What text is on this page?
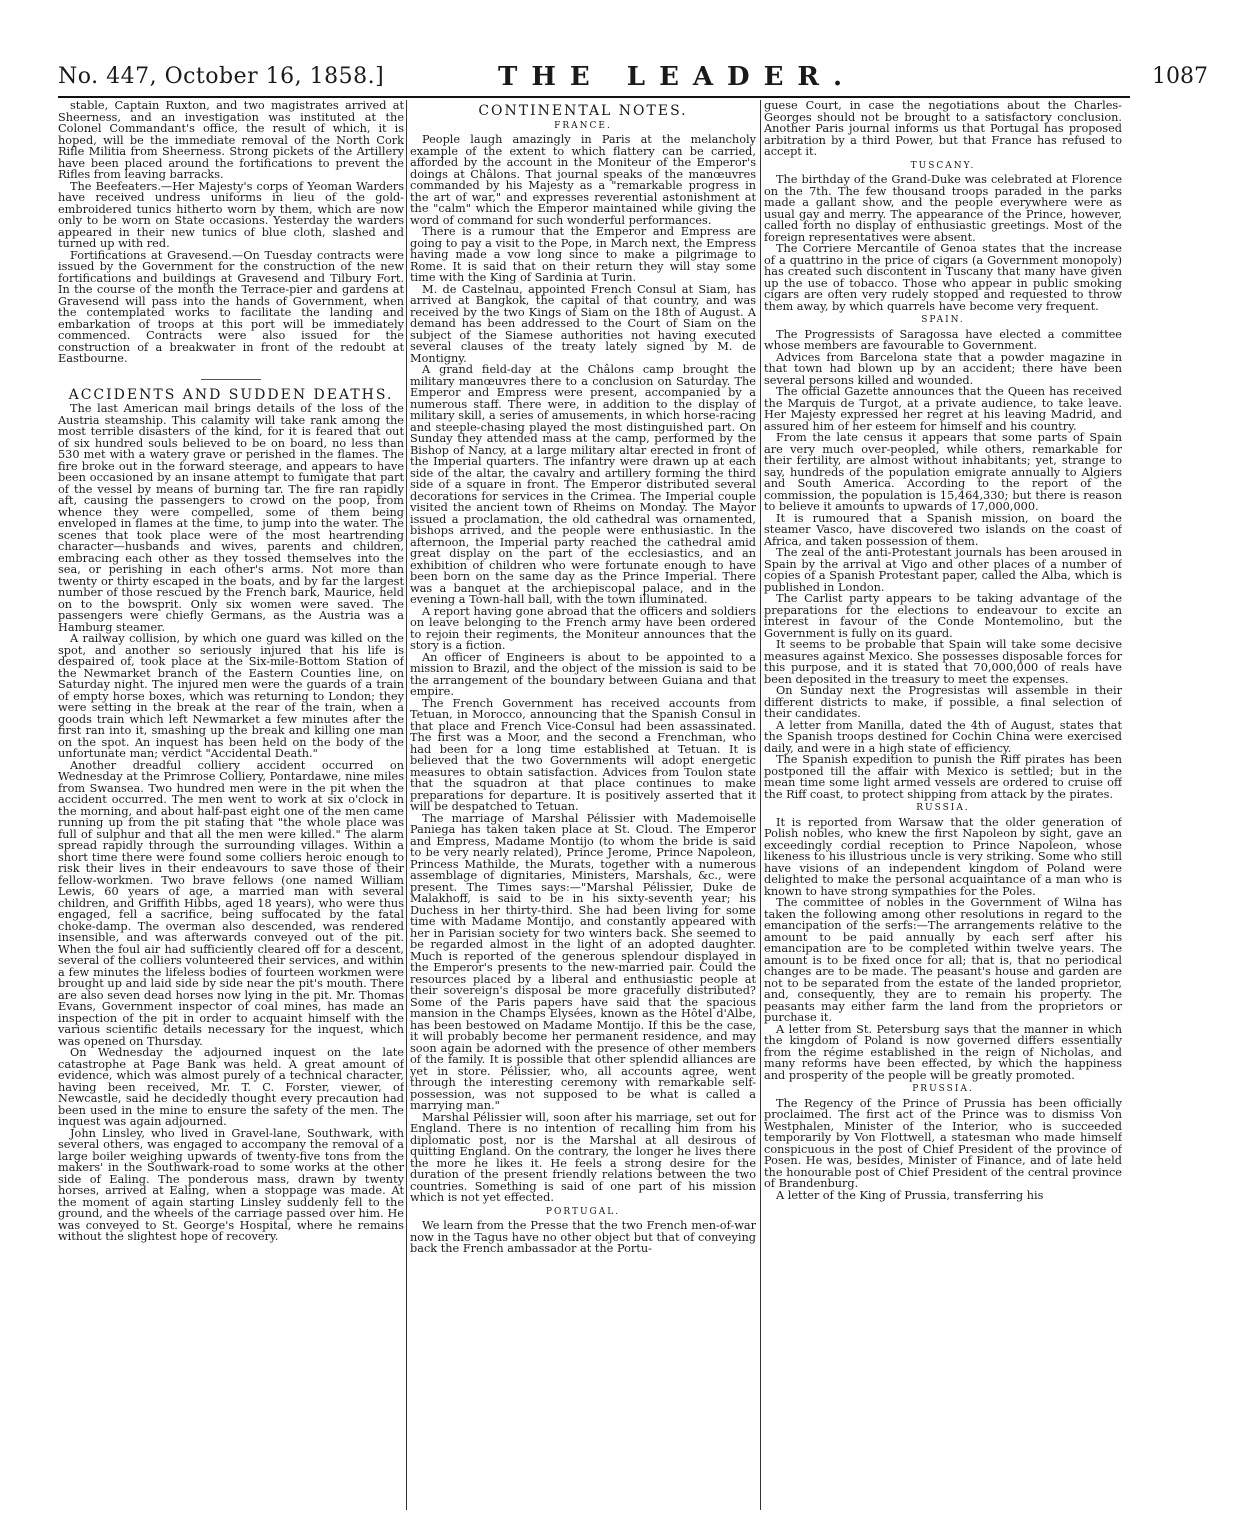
No. 447, October 16, 1858.]	THE LEADER.	1087

stable, Captain Ruxton, and two magistrates arrived at Sheerness, and an investigation was instituted at the Colonel Commandant's office, the result of which, it is hoped, will be the immediate removal of the North Cork Rifle Militia from Sheerness. Strong pickets of the Artillery have been placed around the fortifications to prevent the Rifles from leaving barracks.

The Beefeaters.—Her Majesty's corps of Yeoman Warders have received undress uniforms in lieu of the gold-embroidered tunics hitherto worn by them, which are now only to be worn on State occasions. Yesterday the warders appeared in their new tunics of blue cloth, slashed and turned up with red.

Fortifications at Gravesend.—On Tuesday contracts were issued by the Government for the construction of the new fortifications and buildings at Gravesend and Tilbury Fort. In the course of the month the Terrace-pier and gardens at Gravesend will pass into the hands of Government, when the contemplated works to facilitate the landing and embarkation of troops at this port will be immediately commenced. Contracts were also issued for the construction of a breakwater in front of the redoubt at Eastbourne.

ACCIDENTS AND SUDDEN DEATHS.

The last American mail brings details of the loss of the Austria steamship. This calamity will take rank among the most terrible disasters of the kind, for it is feared that out of six hundred souls believed to be on board, no less than 530 met with a watery grave or perished in the flames. The fire broke out in the forward steerage, and appears to have been occasioned by an insane attempt to fumigate that part of the vessel by means of burning tar. The fire ran rapidly aft, causing the passengers to crowd on the poop, from whence they were compelled, some of them being enveloped in flames at the time, to jump into the water. The scenes that took place were of the most heartrending character—husbands and wives, parents and children, embracing each other as they tossed themselves into the sea, or perishing in each other's arms. Not more than twenty or thirty escaped in the boats, and by far the largest number of those rescued by the French bark, Maurice, held on to the bowsprit. Only six women were saved. The passengers were chiefly Germans, as the Austria was a Hamburg steamer.

A railway collision, by which one guard was killed on the spot, and another so seriously injured that his life is despaired of, took place at the Six-mile-Bottom Station of the Newmarket branch of the Eastern Counties line, on Saturday night. The injured men were the guards of a train of empty horse boxes, which was returning to London; they were setting in the break at the rear of the train, when a goods train which left Newmarket a few minutes after the first ran into it, smashing up the break and killing one man on the spot. An inquest has been held on the body of the unfortunate man; verdict "Accidental Death."

Another dreadful colliery accident occurred on Wednesday at the Primrose Colliery, Pontardawe, nine miles from Swansea. Two hundred men were in the pit when the accident occurred. The men went to work at six o'clock in the morning, and about half-past eight one of the men came running up from the pit stating that "the whole place was full of sulphur and that all the men were killed." The alarm spread rapidly through the surrounding villages. Within a short time there were found some colliers heroic enough to risk their lives in their endeavours to save those of their fellow-workmen. Two brave fellows (one named William Lewis, 60 years of age, a married man with several children, and Griffith Hibbs, aged 18 years), who were thus engaged, fell a sacrifice, being suffocated by the fatal choke-damp. The overman also descended, was rendered insensible, and was afterwards conveyed out of the pit. When the foul air had sufficiently cleared off for a descent, several of the colliers volunteered their services, and within a few minutes the lifeless bodies of fourteen workmen were brought up and laid side by side near the pit's mouth. There are also seven dead horses now lying in the pit. Mr. Thomas Evans, Government inspector of coal mines, has made an inspection of the pit in order to acquaint himself with the various scientific details necessary for the inquest, which was opened on Thursday.

On Wednesday the adjourned inquest on the late catastrophe at Page Bank was held. A great amount of evidence, which was almost purely of a technical character, having been received, Mr. T. C. Forster, viewer, of Newcastle, said he decidedly thought every precaution had been used in the mine to ensure the safety of the men. The inquest was again adjourned.

John Linsley, who lived in Gravel-lane, Southwark, with several others, was engaged to accompany the removal of a large boiler weighing upwards of twenty-five tons from the makers' in the Southwark-road to some works at the other side of Ealing. The ponderous mass, drawn by twenty horses, arrived at Ealing, when a stoppage was made. At the moment of again starting Linsley suddenly fell to the ground, and the wheels of the carriage passed over him. He was conveyed to St. George's Hospital, where he remains without the slightest hope of recovery.

CONTINENTAL NOTES.
FRANCE.

People laugh amazingly in Paris at the melancholy example of the extent to which flattery can be carried, afforded by the account in the Moniteur of the Emperor's doings at Châlons. That journal speaks of the manœuvres commanded by his Majesty as a "remarkable progress in the art of war," and expresses reverential astonishment at the "calm" which the Emperor maintained while giving the word of command for such wonderful performances.

There is a rumour that the Emperor and Empress are going to pay a visit to the Pope, in March next, the Empress having made a vow long since to make a pilgrimage to Rome. It is said that on their return they will stay some time with the King of Sardinia at Turin.

M. de Castelnau, appointed French Consul at Siam, has arrived at Bangkok, the capital of that country, and was received by the two Kings of Siam on the 18th of August. A demand has been addressed to the Court of Siam on the subject of the Siamese authorities not having executed several clauses of the treaty lately signed by M. de Montigny.

A grand field-day at the Châlons camp brought the military manœuvres there to a conclusion on Saturday. The Emperor and Empress were present, accompanied by a numerous staff. There were, in addition to the display of military skill, a series of amusements, in which horse-racing and steeple-chasing played the most distinguished part. On Sunday they attended mass at the camp, performed by the Bishop of Nancy, at a large military altar erected in front of the Imperial quarters. The infantry were drawn up at each side of the altar, the cavalry and artillery forming the third side of a square in front. The Emperor distributed several decorations for services in the Crimea. The Imperial couple visited the ancient town of Rheims on Monday. The Mayor issued a proclamation, the old cathedral was ornamented, bishops arrived, and the people were enthusiastic. In the afternoon, the Imperial party reached the cathedral amid great display on the part of the ecclesiastics, and an exhibition of children who were fortunate enough to have been born on the same day as the Prince Imperial. There was a banquet at the archiepiscopal palace, and in the evening a Town-hall ball, with the town illuminated.

A report having gone abroad that the officers and soldiers on leave belonging to the French army have been ordered to rejoin their regiments, the Moniteur announces that the story is a fiction.

An officer of Engineers is about to be appointed to a mission to Brazil, and the object of the mission is said to be the arrangement of the boundary between Guiana and that empire.

The French Government has received accounts from Tetuan, in Morocco, announcing that the Spanish Consul in that place and French Vice-Consul had been assassinated. The first was a Moor, and the second a Frenchman, who had been for a long time established at Tetuan. It is believed that the two Governments will adopt energetic measures to obtain satisfaction. Advices from Toulon state that the squadron at that place continues to make preparations for departure. It is positively asserted that it will be despatched to Tetuan.

The marriage of Marshal Pélissier with Mademoiselle Paniega has taken taken place at St. Cloud. The Emperor and Empress, Madame Montijo (to whom the bride is said to be very nearly related), Prince Jerome, Prince Napoleon, Princess Mathilde, the Murats, together with a numerous assemblage of dignitaries, Ministers, Marshals, &c., were present. The Times says:—"Marshal Pélissier, Duke de Malakhoff, is said to be in his sixty-seventh year; his Duchess in her thirty-third. She had been living for some time with Madame Montijo, and constantly appeared with her in Parisian society for two winters back. She seemed to be regarded almost in the light of an adopted daughter. Much is reported of the generous splendour displayed in the Emperor's presents to the new-married pair. Could the resources placed by a liberal and enthusiastic people at their sovereign's disposal be more gracefully distributed? Some of the Paris papers have said that the spacious mansion in the Champs Elysées, known as the Hôtel d'Albe, has been bestowed on Madame Montijo. If this be the case, it will probably become her permanent residence, and may soon again be adorned with the presence of other members of the family. It is possible that other splendid alliances are yet in store. Pélissier, who, all accounts agree, went through the interesting ceremony with remarkable self-possession, was not supposed to be what is called a marrying man."

Marshal Pélissier will, soon after his marriage, set out for England. There is no intention of recalling him from his diplomatic post, nor is the Marshal at all desirous of quitting England. On the contrary, the longer he lives there the more he likes it. He feels a strong desire for the duration of the present friendly relations between the two countries. Something is said of one part of his mission which is not yet effected.

PORTUGAL.

We learn from the Presse that the two French men-of-war now in the Tagus have no other object but that of conveying back the French ambassador at the Portu-

guese Court, in case the negotiations about the Charles-Georges should not be brought to a satisfactory conclusion. Another Paris journal informs us that Portugal has proposed arbitration by a third Power, but that France has refused to accept it.

TUSCANY.

The birthday of the Grand-Duke was celebrated at Florence on the 7th. The few thousand troops paraded in the parks made a gallant show, and the people everywhere were as usual gay and merry. The appearance of the Prince, however, called forth no display of enthusiastic greetings. Most of the foreign representatives were absent.

The Corriere Mercantile of Genoa states that the increase of a quattrino in the price of cigars (a Government monopoly) has created such discontent in Tuscany that many have given up the use of tobacco. Those who appear in public smoking cigars are often very rudely stopped and requested to throw them away, by which quarrels have become very frequent.

SPAIN.

The Progressists of Saragossa have elected a committee whose members are favourable to Government.

Advices from Barcelona state that a powder magazine in that town had blown up by an accident; there have been several persons killed and wounded.

The official Gazette announces that the Queen has received the Marquis de Turgot, at a private audience, to take leave. Her Majesty expressed her regret at his leaving Madrid, and assured him of her esteem for himself and his country.

From the late census it appears that some parts of Spain are very much over-peopled, while others, remarkable for their fertility, are almost without inhabitants; yet, strange to say, hundreds of the population emigrate annually to Algiers and South America. According to the report of the commission, the population is 15,464,330; but there is reason to believe it amounts to upwards of 17,000,000.

It is rumoured that a Spanish mission, on board the steamer Vasco, have discovered two islands on the coast of Africa, and taken possession of them.

The zeal of the anti-Protestant journals has been aroused in Spain by the arrival at Vigo and other places of a number of copies of a Spanish Protestant paper, called the Alba, which is published in London.

The Carlist party appears to be taking advantage of the preparations for the elections to endeavour to excite an interest in favour of the Conde Montemolino, but the Government is fully on its guard.

It seems to be probable that Spain will take some decisive measures against Mexico. She possesses disposable forces for this purpose, and it is stated that 70,000,000 of reals have been deposited in the treasury to meet the expenses.

On Sunday next the Progresistas will assemble in their different districts to make, if possible, a final selection of their candidates.

A letter from Manilla, dated the 4th of August, states that the Spanish troops destined for Cochin China were exercised daily, and were in a high state of efficiency.

The Spanish expedition to punish the Riff pirates has been postponed till the affair with Mexico is settled; but in the mean time some light armed vessels are ordered to cruise off the Riff coast, to protect shipping from attack by the pirates.

RUSSIA.

It is reported from Warsaw that the older generation of Polish nobles, who knew the first Napoleon by sight, gave an exceedingly cordial reception to Prince Napoleon, whose likeness to his illustrious uncle is very striking. Some who still have visions of an independent kingdom of Poland were delighted to make the personal acquaintance of a man who is known to have strong sympathies for the Poles.

The committee of nobles in the Government of Wilna has taken the following among other resolutions in regard to the emancipation of the serfs:—The arrangements relative to the amount to be paid annually by each serf after his emancipation are to be completed within twelve years. The amount is to be fixed once for all; that is, that no periodical changes are to be made. The peasant's house and garden are not to be separated from the estate of the landed proprietor, and, consequently, they are to remain his property. The peasants may either farm the land from the proprietors or purchase it.

A letter from St. Petersburg says that the manner in which the kingdom of Poland is now governed differs essentially from the régime established in the reign of Nicholas, and many reforms have been effected, by which the happiness and prosperity of the people will be greatly promoted.

PRUSSIA.

The Regency of the Prince of Prussia has been officially proclaimed. The first act of the Prince was to dismiss Von Westphalen, Minister of the Interior, who is succeeded temporarily by Von Flottwell, a statesman who made himself conspicuous in the post of Chief President of the province of Posen. He was, besides, Minister of Finance, and of late held the honourable post of Chief President of the central province of Brandenburg.

A letter of the King of Prussia, transferring his
